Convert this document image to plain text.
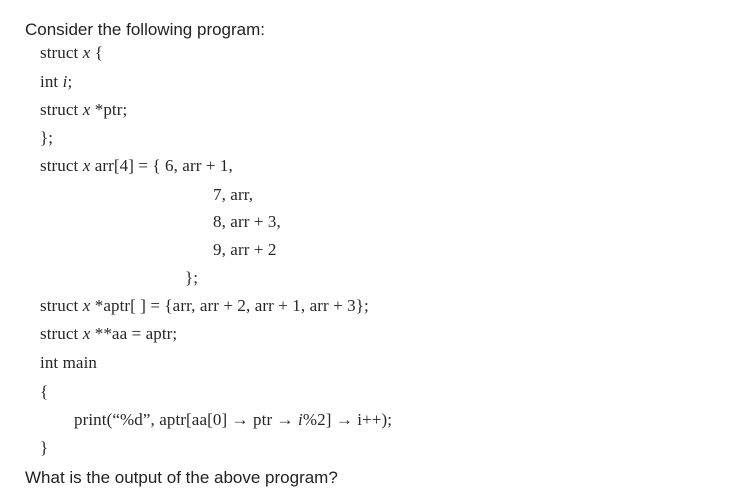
Consider the following program:
struct x {
int i;
struct x *ptr;
};
struct x arr[4] = { 6, arr + 1,
7, arr,
8, arr + 3,
9, arr + 2
};
struct x *aptr[ ] = {arr, arr + 2, arr + 1, arr + 3};
struct x **aa = aptr;
int main
{
print(“%d”, aptr[aa[0] → ptr → i%2] → i++);
}
What is the output of the above program?
